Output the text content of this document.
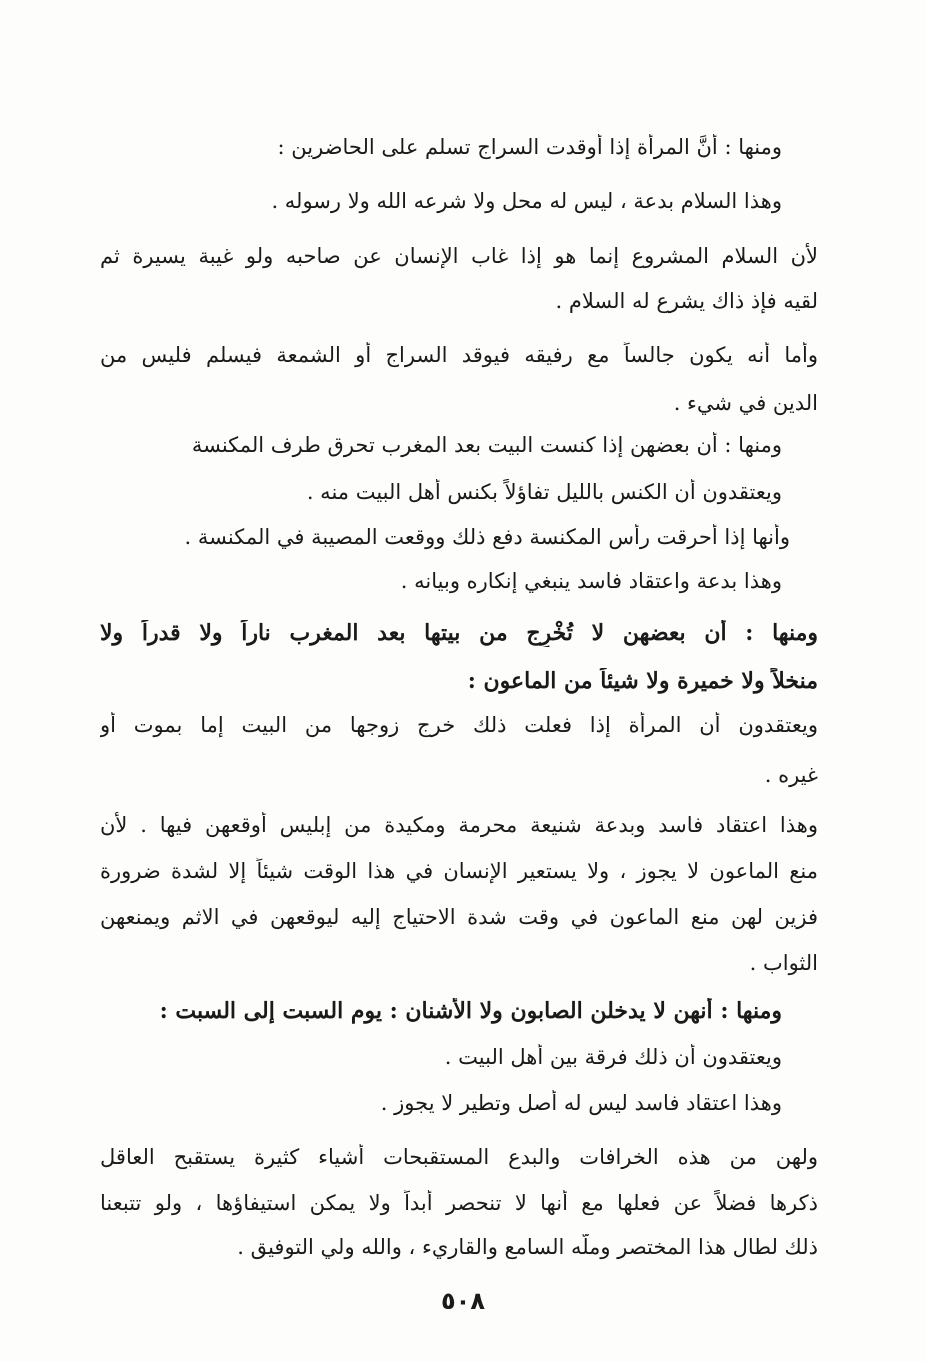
ومنها : أنَّ المرأة إذا أوقدت السراج تسلم على الحاضرين :

وهذا السلام بدعة ، ليس له محل ولا شرعه الله ولا رسوله .

لأن السلام المشروع إنما هو إذا غاب الإنسان عن صاحبه ولو غيبة يسيرة ثم

لقيه فإذ ذاك يشرع له السلام .

وأما أنه يكون جالساً مع رفيقه فيوقد السراج أو الشمعة فيسلم فليس من

الدين في شيء .

ومنها : أن بعضهن إذا كنست البيت بعد المغرب تحرق طرف المكنسة

ويعتقدون أن الكنس بالليل تفاؤلاً بكنس أهل البيت منه .

وأنها إذا أحرقت رأس المكنسة دفع ذلك ووقعت المصيبة في المكنسة .

وهذا بدعة واعتقاد فاسد ينبغي إنكاره وبيانه .

ومنها : أن بعضهن لا تُخْرِج من بيتها بعد المغرب ناراً ولا قدراً ولا

منخلاً ولا خميرة ولا شيئاً من الماعون :

ويعتقدون أن المرأة إذا فعلت ذلك خرج زوجها من البيت إما بموت أو

غيره .

وهذا اعتقاد فاسد وبدعة شنيعة محرمة ومكيدة من إبليس أوقعهن فيها . لأن

منع الماعون لا يجوز ، ولا يستعير الإنسان في هذا الوقت شيئاً إلا لشدة ضرورة

فزين لهن منع الماعون في وقت شدة الاحتياج إليه ليوقعهن في الاثم ويمنعهن

الثواب .

ومنها : أنهن لا يدخلن الصابون ولا الأشنان : يوم السبت إلى السبت :

ويعتقدون أن ذلك فرقة بين أهل البيت .

وهذا اعتقاد فاسد ليس له أصل وتطير لا يجوز .

ولهن من هذه الخرافات والبدع المستقبحات أشياء كثيرة يستقبح العاقل

ذكرها فضلاً عن فعلها مع أنها لا تنحصر أبداً ولا يمكن استيفاؤها ، ولو تتبعنا

ذلك لطال هذا المختصر وملّه السامع والقاريء ، والله ولي التوفيق .

٥٠٨
